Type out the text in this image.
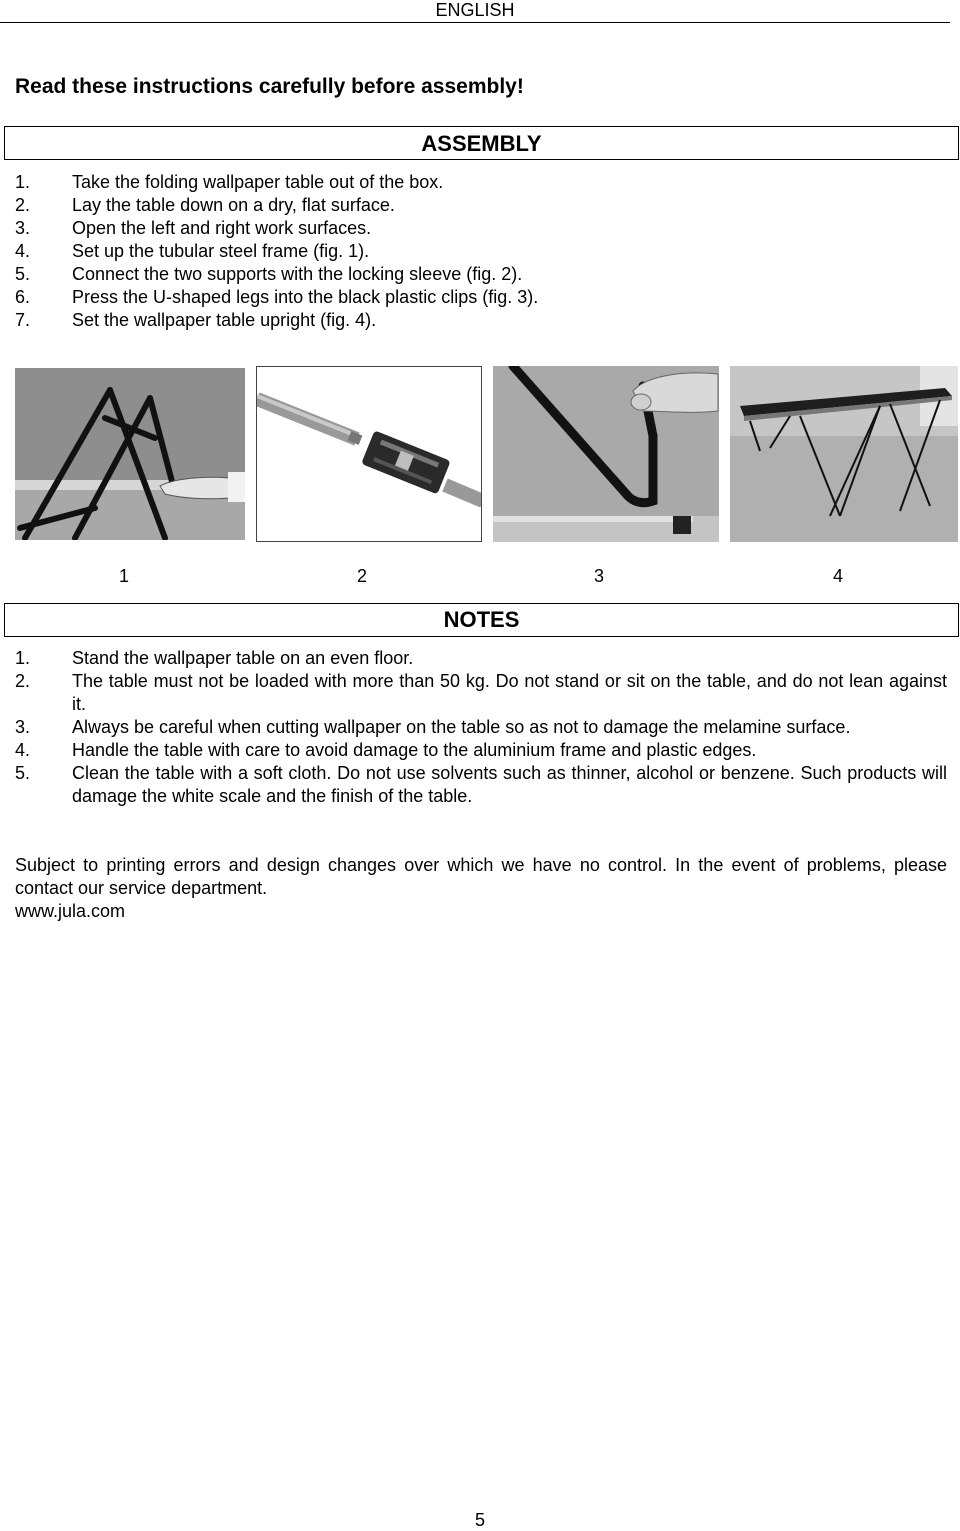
ENGLISH
Read these instructions carefully before assembly!
ASSEMBLY
1. Take the folding wallpaper table out of the box.
2. Lay the table down on a dry, flat surface.
3. Open the left and right work surfaces.
4. Set up the tubular steel frame (fig. 1).
5. Connect the two supports with the locking sleeve (fig. 2).
6. Press the U-shaped legs into the black plastic clips (fig. 3).
7. Set the wallpaper table upright (fig. 4).
1	2	3	4
NOTES
1. Stand the wallpaper table on an even floor.
2. The table must not be loaded with more than 50 kg. Do not stand or sit on the table, and do not lean against it.
3. Always be careful when cutting wallpaper on the table so as not to damage the melamine surface.
4. Handle the table with care to avoid damage to the aluminium frame and plastic edges.
5. Clean the table with a soft cloth. Do not use solvents such as thinner, alcohol or benzene. Such products will damage the white scale and the finish of the table.
Subject to printing errors and design changes over which we have no control. In the event of problems, please contact our service department.
www.jula.com
5
